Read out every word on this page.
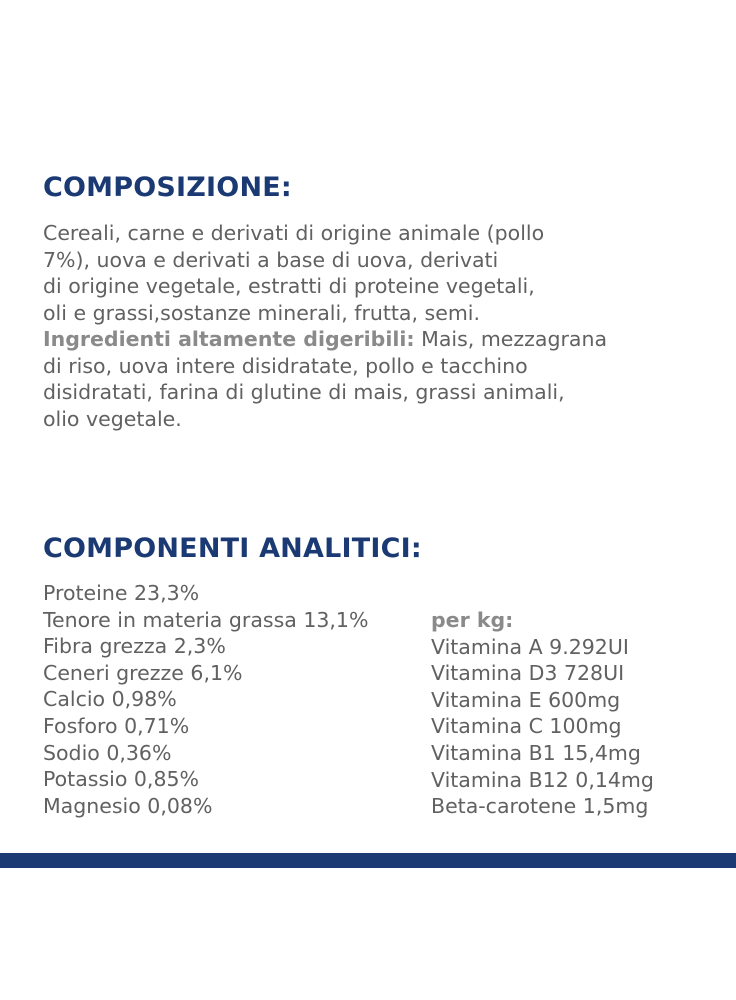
COMPOSIZIONE:
Cereali, carne e derivati di origine animale (pollo
7%), uova e derivati a base di uova, derivati
di origine vegetale, estratti di proteine vegetali,
oli e grassi,sostanze minerali, frutta, semi.
Ingredienti altamente digeribili: Mais, mezzagrana
di riso, uova intere disidratate, pollo e tacchino
disidratati, farina di glutine di mais, grassi animali,
olio vegetale.
COMPONENTI ANALITICI:
Proteine 23,3%
Tenore in materia grassa 13,1%
Fibra grezza 2,3%
Ceneri grezze 6,1%
Calcio 0,98%
Fosforo 0,71%
Sodio 0,36%
Potassio 0,85%
Magnesio 0,08%
per kg:
Vitamina A 9.292UI
Vitamina D3 728UI
Vitamina E 600mg
Vitamina C 100mg
Vitamina B1 15,4mg
Vitamina B12 0,14mg
Beta-carotene 1,5mg
